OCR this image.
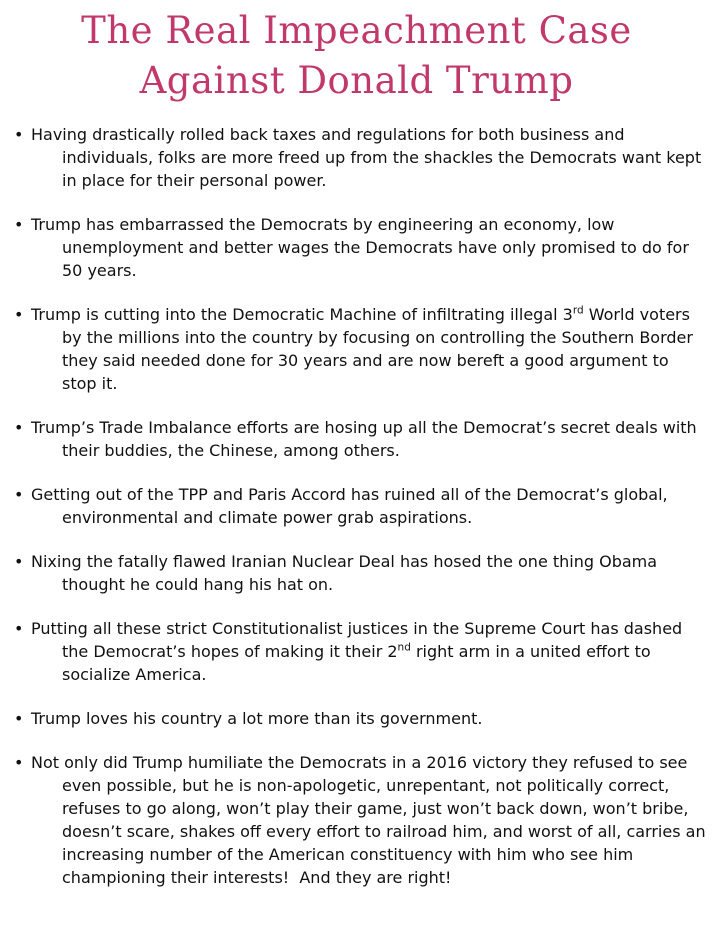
The Real Impeachment Case Against Donald Trump
• Having drastically rolled back taxes and regulations for both business and individuals, folks are more freed up from the shackles the Democrats want kept in place for their personal power.
• Trump has embarrassed the Democrats by engineering an economy, low unemployment and better wages the Democrats have only promised to do for 50 years.
• Trump is cutting into the Democratic Machine of infiltrating illegal 3rd World voters by the millions into the country by focusing on controlling the Southern Border they said needed done for 30 years and are now bereft a good argument to stop it.
• Trump’s Trade Imbalance efforts are hosing up all the Democrat’s secret deals with their buddies, the Chinese, among others.
• Getting out of the TPP and Paris Accord has ruined all of the Democrat’s global, environmental and climate power grab aspirations.
• Nixing the fatally flawed Iranian Nuclear Deal has hosed the one thing Obama thought he could hang his hat on.
• Putting all these strict Constitutionalist justices in the Supreme Court has dashed the Democrat’s hopes of making it their 2nd right arm in a united effort to socialize America.
• Trump loves his country a lot more than its government.
• Not only did Trump humiliate the Democrats in a 2016 victory they refused to see even possible, but he is non-apologetic, unrepentant, not politically correct, refuses to go along, won’t play their game, just won’t back down, won’t bribe, doesn’t scare, shakes off every effort to railroad him, and worst of all, carries an increasing number of the American constituency with him who see him championing their interests!  And they are right!
